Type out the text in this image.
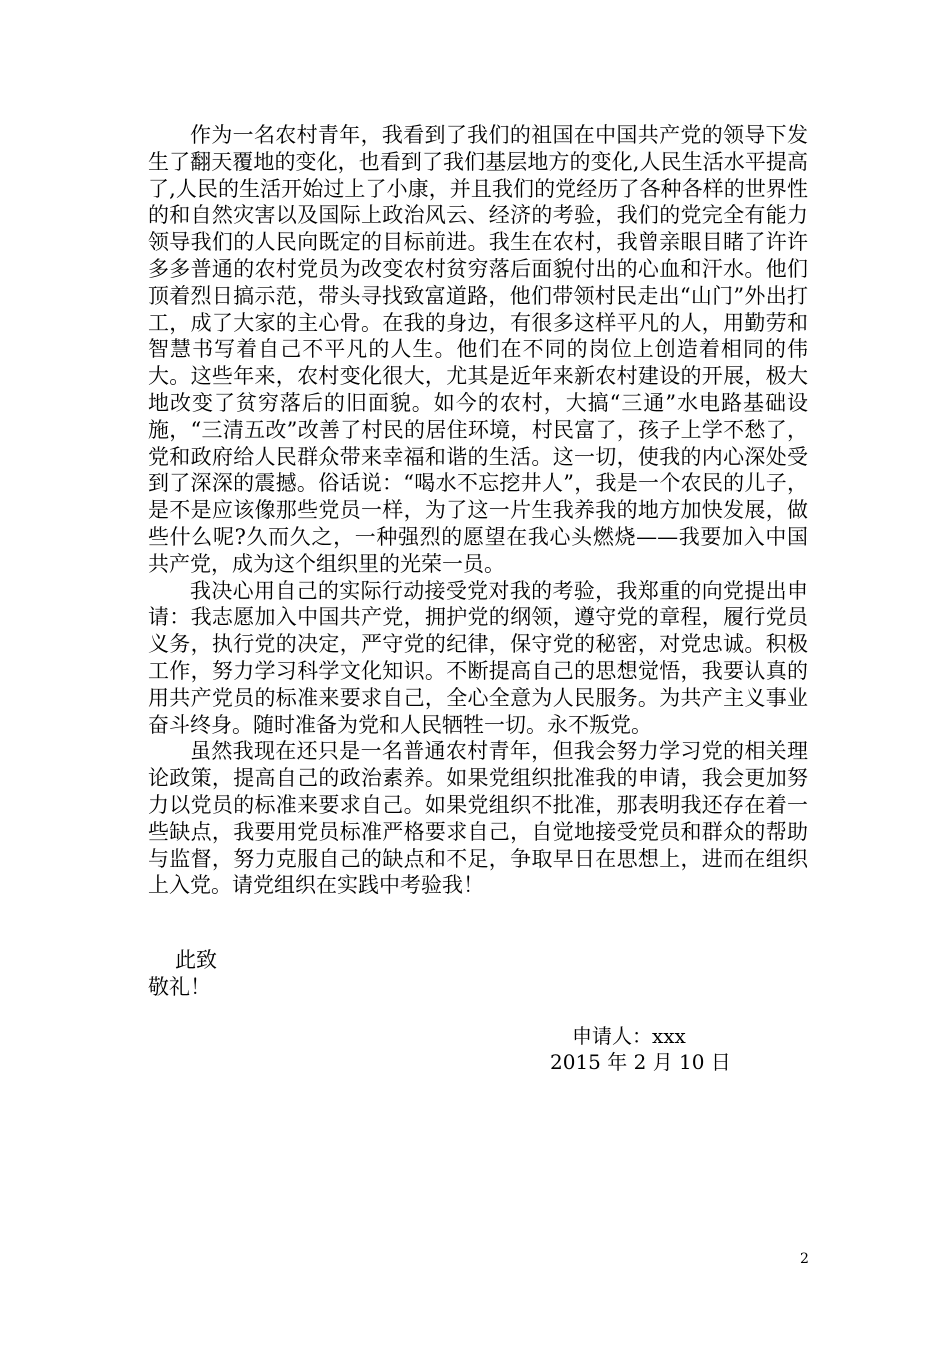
作为一名农村青年，我看到了我们的祖国在中国共产党的领导下发生了翻天覆地的变化，也看到了我们基层地方的变化,人民生活水平提高了,人民的生活开始过上了小康，并且我们的党经历了各种各样的世界性的和自然灾害以及国际上政治风云、经济的考验，我们的党完全有能力领导我们的人民向既定的目标前进。我生在农村，我曾亲眼目睹了许许多多普通的农村党员为改变农村贫穷落后面貌付出的心血和汗水。他们顶着烈日搞示范，带头寻找致富道路，他们带领村民走出“山门”外出打工，成了大家的主心骨。在我的身边，有很多这样平凡的人，用勤劳和智慧书写着自己不平凡的人生。他们在不同的岗位上创造着相同的伟大。这些年来，农村变化很大，尤其是近年来新农村建设的开展，极大地改变了贫穷落后的旧面貌。如今的农村，大搞“三通”水电路基础设施，“三清五改”改善了村民的居住环境，村民富了，孩子上学不愁了，党和政府给人民群众带来幸福和谐的生活。这一切，使我的内心深处受到了深深的震撼。俗话说：“喝水不忘挖井人”，我是一个农民的儿子，是不是应该像那些党员一样，为了这一片生我养我的地方加快发展，做些什么呢?久而久之，一种强烈的愿望在我心头燃烧——我要加入中国共产党，成为这个组织里的光荣一员。

我决心用自己的实际行动接受党对我的考验，我郑重的向党提出申请：我志愿加入中国共产党，拥护党的纲领，遵守党的章程，履行党员义务，执行党的决定，严守党的纪律，保守党的秘密，对党忠诚。积极工作，努力学习科学文化知识。不断提高自己的思想觉悟，我要认真的用共产党员的标准来要求自己，全心全意为人民服务。为共产主义事业奋斗终身。随时准备为党和人民牺牲一切。永不叛党。

虽然我现在还只是一名普通农村青年，但我会努力学习党的相关理论政策，提高自己的政治素养。如果党组织批准我的申请，我会更加努力以党员的标准来要求自己。如果党组织不批准，那表明我还存在着一些缺点，我要用党员标准严格要求自己，自觉地接受党员和群众的帮助与监督，努力克服自己的缺点和不足，争取早日在思想上，进而在组织上入党。请党组织在实践中考验我！

此致
敬礼！
申请人：xxx
2015 年 2 月 10 日
2
